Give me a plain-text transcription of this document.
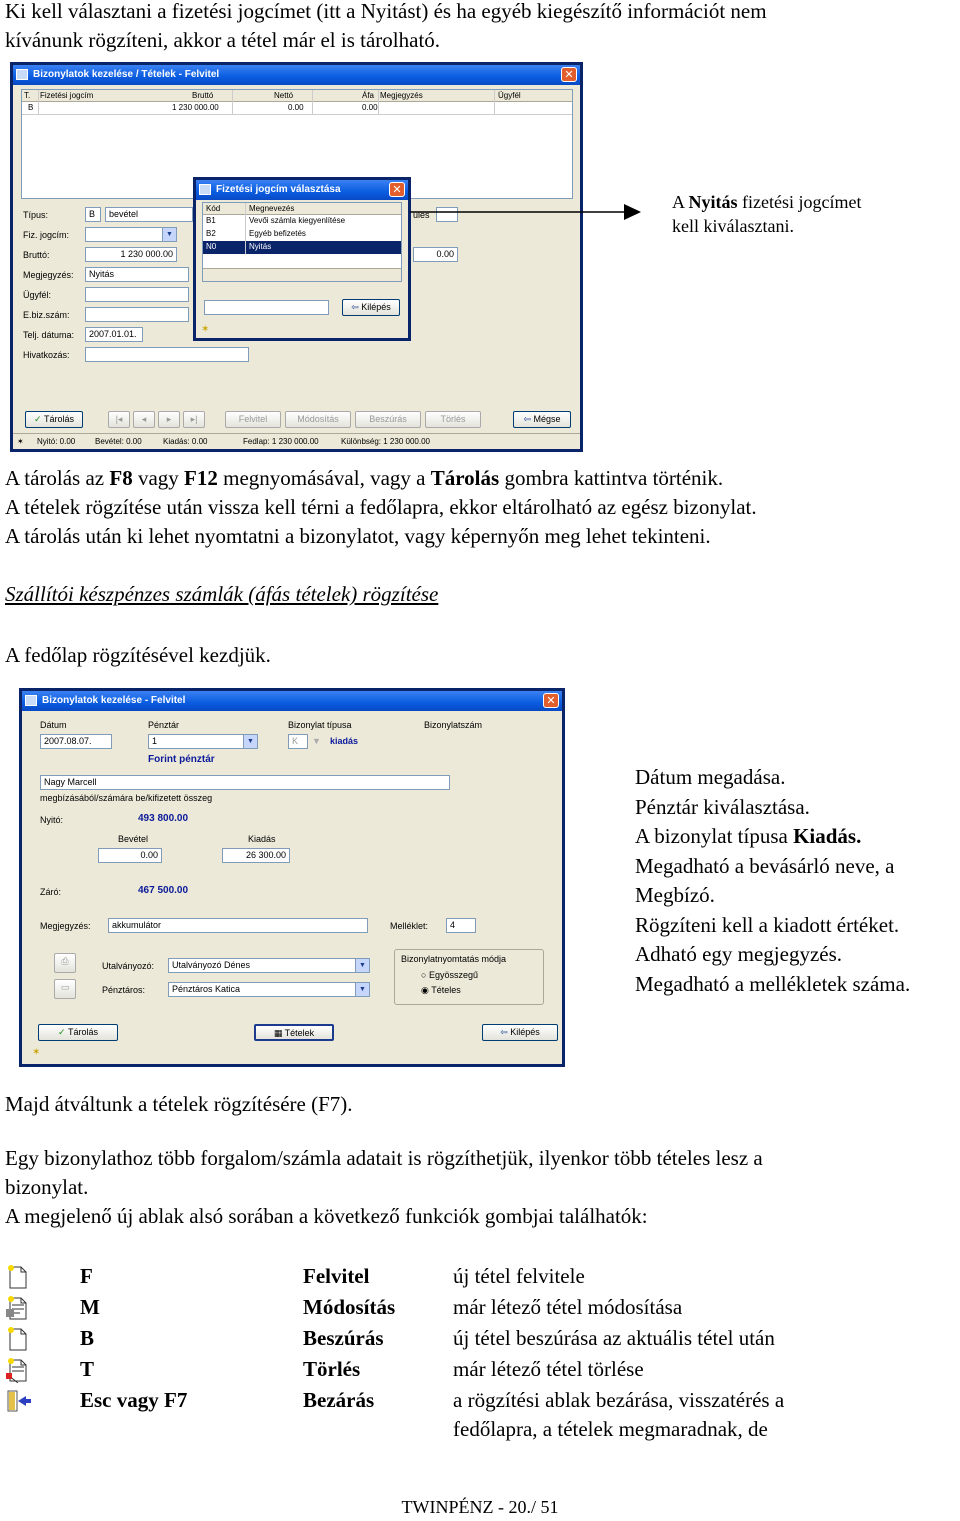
Ki kell választani a fizetési jogcímet (itt a Nyitást) és ha egyéb kiegészítő információt nem
kívánunk rögzíteni, akkor a tétel már el is tárolható.
Bizonylatok kezelése / Tételek - Felvitel	✕
T. Fizetési jogcím	Bruttó	Nettó	Áfa Megjegyzés	Ügyfél
B	1 230 000.00	0.00	0.00
Típus:	B	bevétel
Fiz. jogcím:	▼
Bruttó:	1 230 000.00
Megjegyzés:	Nyitás
Ügyfél:
E.biz.szám:
Telj. dátuma:	2007.01.01.
Hivatkozás:
ules
0.00
✓ Tárolás	|◂	◂	▸	▸|	Felvitel	Módosítás	Beszúrás	Törlés	⇦ Mégse
✶ Nyitó: 0.00 Bevétel: 0.00	Kiadás: 0.00	Fedlap: 1 230 000.00	Különbség: 1 230 000.00
Fizetési jogcím választása	✕
Kód	Megnevezés
B1	Vevői számla kiegyenlítése
B2	Egyéb befizetés
N0	Nyitás
⇦ Kilépés
✶
A Nyitás fizetési jogcímet
kell kiválasztani.
A tárolás az F8 vagy F12 megnyomásával, vagy a Tárolás gombra kattintva történik.
A tételek rögzítése után vissza kell térni a fedőlapra, ekkor eltárolható az egész bizonylat.
A tárolás után ki lehet nyomtatni a bizonylatot, vagy képernyőn meg lehet tekinteni.
Szállítói készpénzes számlák (áfás tételek) rögzítése
A fedőlap rögzítésével kezdjük.
Bizonylatok kezelése - Felvitel	✕
Dátum
2007.08.07.
Pénztár
1	▼
Forint pénztár
Bizonylat típusa
K	▼ kiadás
Bizonylatszám
Nagy Marcell
megbízásából/számára be/kifizetett összeg
Nyitó:	493 800.00
Bevétel
0.00
Kiadás
26 300.00
Záró:	467 500.00
Megjegyzés:	akkumulátor	Melléklet:	4
⎙
▭
Utalványozó:	Utalványozó Dénes	▼
Pénztáros:	Pénztáros Katica	▼
Bizonylatnyomtatás módja
○ Egyösszegű
◉ Tételes
✓ Tárolás	▦ Tételek	⇦ Kilépés
✶
Dátum megadása.
Pénztár kiválasztása.
A bizonylat típusa Kiadás.
Megadható a bevásárló neve, a
Megbízó.
Rögzíteni kell a kiadott értéket.
Adható egy megjegyzés.
Megadható a mellékletek száma.
Majd átváltunk a tételek rögzítésére (F7).
Egy bizonylathoz több forgalom/számla adatait is rögzíthetjük, ilyenkor több tételes lesz a
bizonylat.
A megjelenő új ablak alsó sorában a következő funkciók gombjai találhatók:
F	Felvitel	új tétel felvitele
M	Módosítás	már létező tétel módosítása
B	Beszúrás	új tétel beszúrása az aktuális tétel után
T	Törlés	már létező tétel törlése
Esc vagy F7	Bezárás	a rögzítési ablak bezárása, visszatérés a
fedőlapra, a tételek megmaradnak, de
TWINPÉNZ - 20./ 51
